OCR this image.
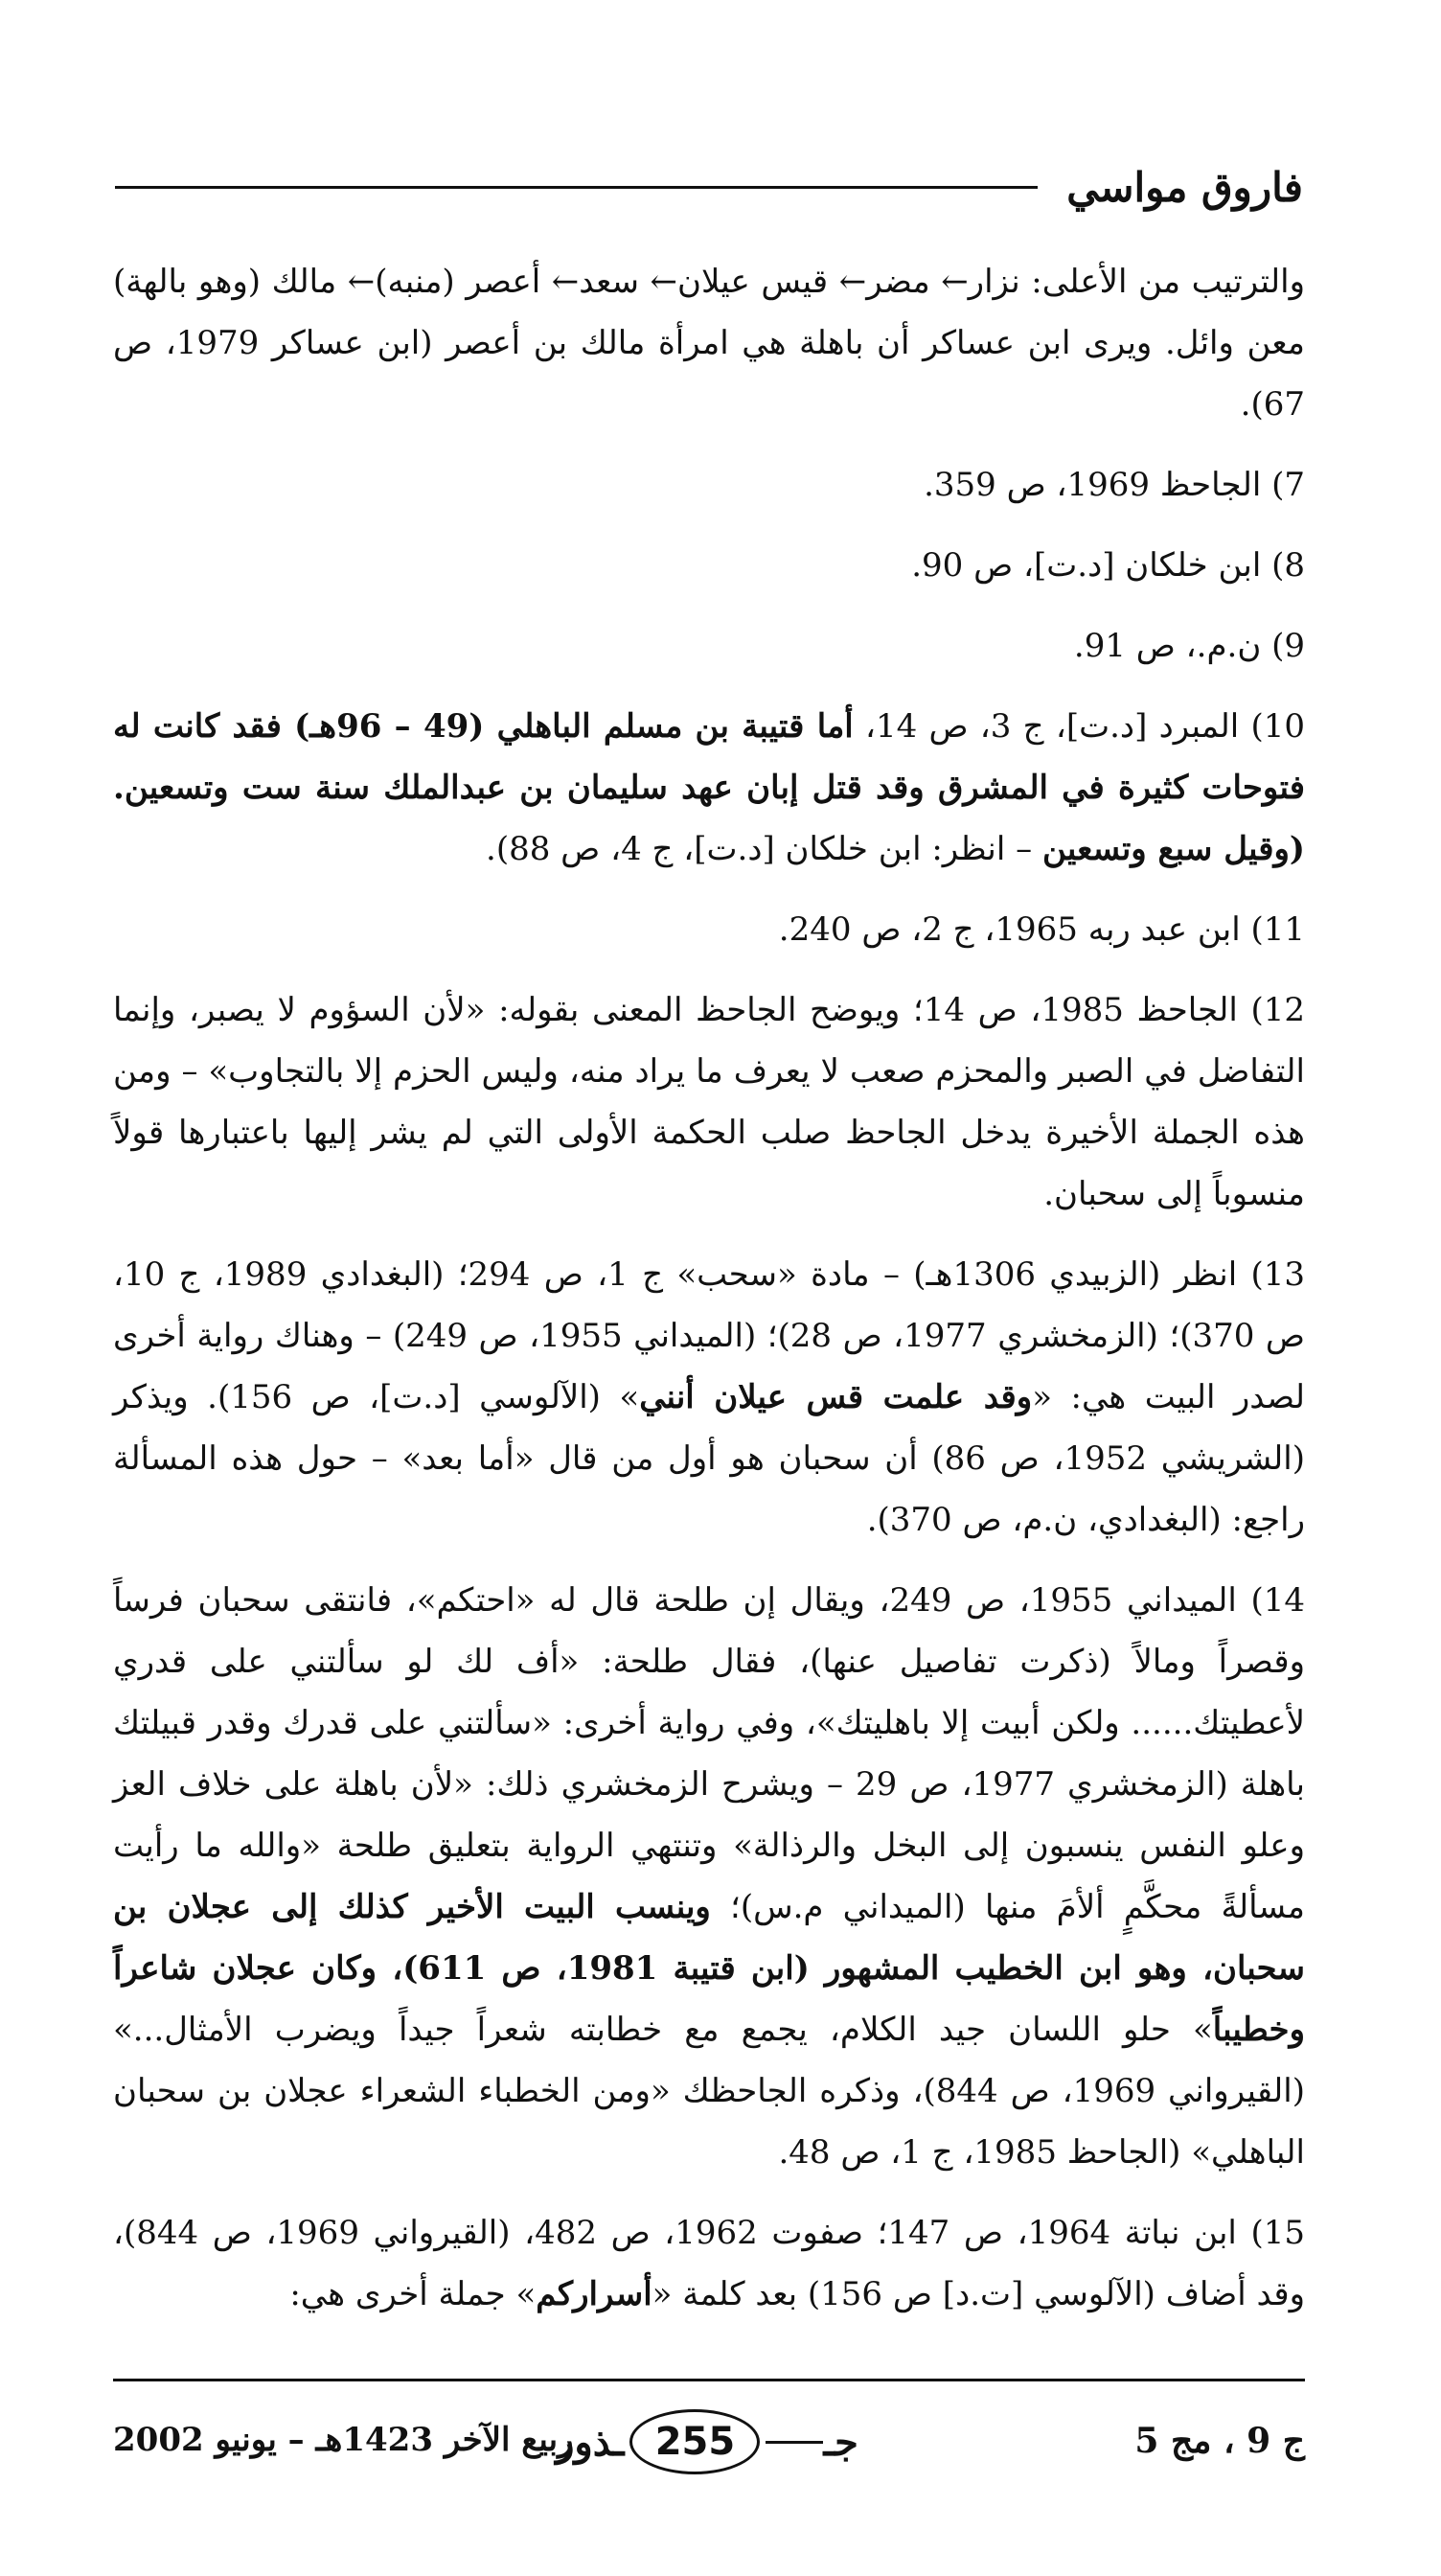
فاروق مواسي

والترتيب من الأعلى: نزار← مضر← قيس عيلان← سعد← أعصر (منبه)← مالك (وهو بالهة) معن وائل. ويرى ابن عساكر أن باهلة هي امرأة مالك بن أعصر (ابن عساكر 1979، ص 67).

7) الجاحظ 1969، ص 359.

8) ابن خلكان [د.ت]، ص 90.

9) ن.م.، ص 91.

10) المبرد [د.ت]، ج 3، ص 14، أما قتيبة بن مسلم الباهلي (49 – 96هـ) فقد كانت له فتوحات كثيرة في المشرق وقد قتل إبان عهد سليمان بن عبدالملك سنة ست وتسعين. (وقيل سبع وتسعين – انظر: ابن خلكان [د.ت]، ج 4، ص 88).

11) ابن عبد ربه 1965، ج 2، ص 240.

12) الجاحظ 1985، ص 14؛ ويوضح الجاحظ المعنى بقوله: «لأن السؤوم لا يصبر، وإنما التفاضل في الصبر والمحزم صعب لا يعرف ما يراد منه، وليس الحزم إلا بالتجاوب» – ومن هذه الجملة الأخيرة يدخل الجاحظ صلب الحكمة الأولى التي لم يشر إليها باعتبارها قولاً منسوباً إلى سحبان.

13) انظر (الزبيدي 1306هـ) – مادة «سحب» ج 1، ص 294؛ (البغدادي 1989، ج 10، ص 370)؛ (الزمخشري 1977، ص 28)؛ (الميداني 1955، ص 249) – وهناك رواية أخرى لصدر البيت هي: «وقد علمت قس عيلان أنني» (الآلوسي [د.ت]، ص 156). ويذكر (الشريشي 1952، ص 86) أن سحبان هو أول من قال «أما بعد» – حول هذه المسألة راجع: (البغدادي، ن.م، ص 370).

14) الميداني 1955، ص 249، ويقال إن طلحة قال له «احتكم»، فانتقى سحبان فرساً وقصراً ومالاً (ذكرت تفاصيل عنها)، فقال طلحة: «أف لك لو سألتني على قدري لأعطيتك...... ولكن أبيت إلا باهليتك»، وفي رواية أخرى: «سألتني على قدرك وقدر قبيلتك باهلة (الزمخشري 1977، ص 29 – ويشرح الزمخشري ذلك: «لأن باهلة على خلاف العز وعلو النفس ينسبون إلى البخل والرذالة» وتنتهي الرواية بتعليق طلحة «والله ما رأيت مسألةً محكَّمٍ ألأمَ منها (الميداني م.س)؛ وينسب البيت الأخير كذلك إلى عجلان بن سحبان، وهو ابن الخطيب المشهور (ابن قتيبة 1981، ص 611)، وكان عجلان شاعراً وخطيباً» حلو اللسان جيد الكلام، يجمع مع خطابته شعراً جيداً ويضرب الأمثال...» (القيرواني 1969، ص 844)، وذكره الجاحظك «ومن الخطباء الشعراء عجلان بن سحبان الباهلي» (الجاحظ 1985، ج 1، ص 48.

15) ابن نباتة 1964، ص 147؛ صفوت 1962، ص 482، (القيرواني 1969، ص 844)، وقد أضاف (الآلوسي [ت.د] ص 156) بعد كلمة «أسراركم» جملة أخرى هي:

ج 9 ، مج 5
جـ
255
ـذور
ربيع الآخر 1423هـ – يونيو 2002
